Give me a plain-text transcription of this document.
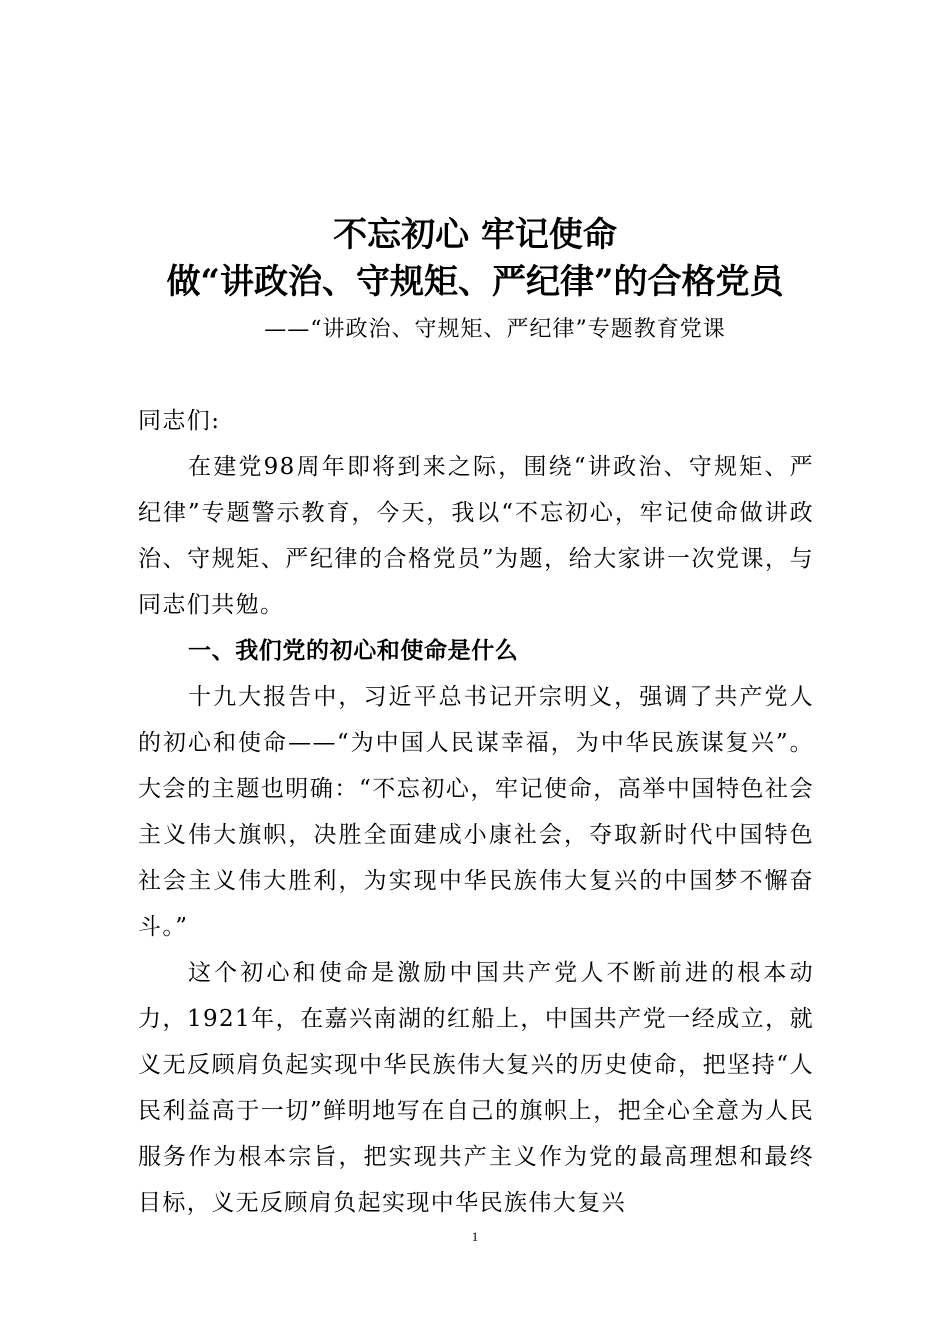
不忘初心 牢记使命
做“讲政治、守规矩、严纪律”的合格党员

——“讲政治、守规矩、严纪律”专题教育党课

同志们:

在建党98周年即将到来之际，围绕“讲政治、守规矩、严纪律”专题警示教育，今天，我以“不忘初心，牢记使命做讲政治、守规矩、严纪律的合格党员”为题，给大家讲一次党课，与同志们共勉。

一、我们党的初心和使命是什么

十九大报告中，习近平总书记开宗明义，强调了共产党人的初心和使命——“为中国人民谋幸福，为中华民族谋复兴”。大会的主题也明确：“不忘初心，牢记使命，高举中国特色社会主义伟大旗帜，决胜全面建成小康社会，夺取新时代中国特色社会主义伟大胜利，为实现中华民族伟大复兴的中国梦不懈奋斗。”

这个初心和使命是激励中国共产党人不断前进的根本动力，1921年，在嘉兴南湖的红船上，中国共产党一经成立，就义无反顾肩负起实现中华民族伟大复兴的历史使命，把坚持“人民利益高于一切”鲜明地写在自己的旗帜上，把全心全意为人民服务作为根本宗旨，把实现共产主义作为党的最高理想和最终目标，义无反顾肩负起实现中华民族伟大复兴

1
